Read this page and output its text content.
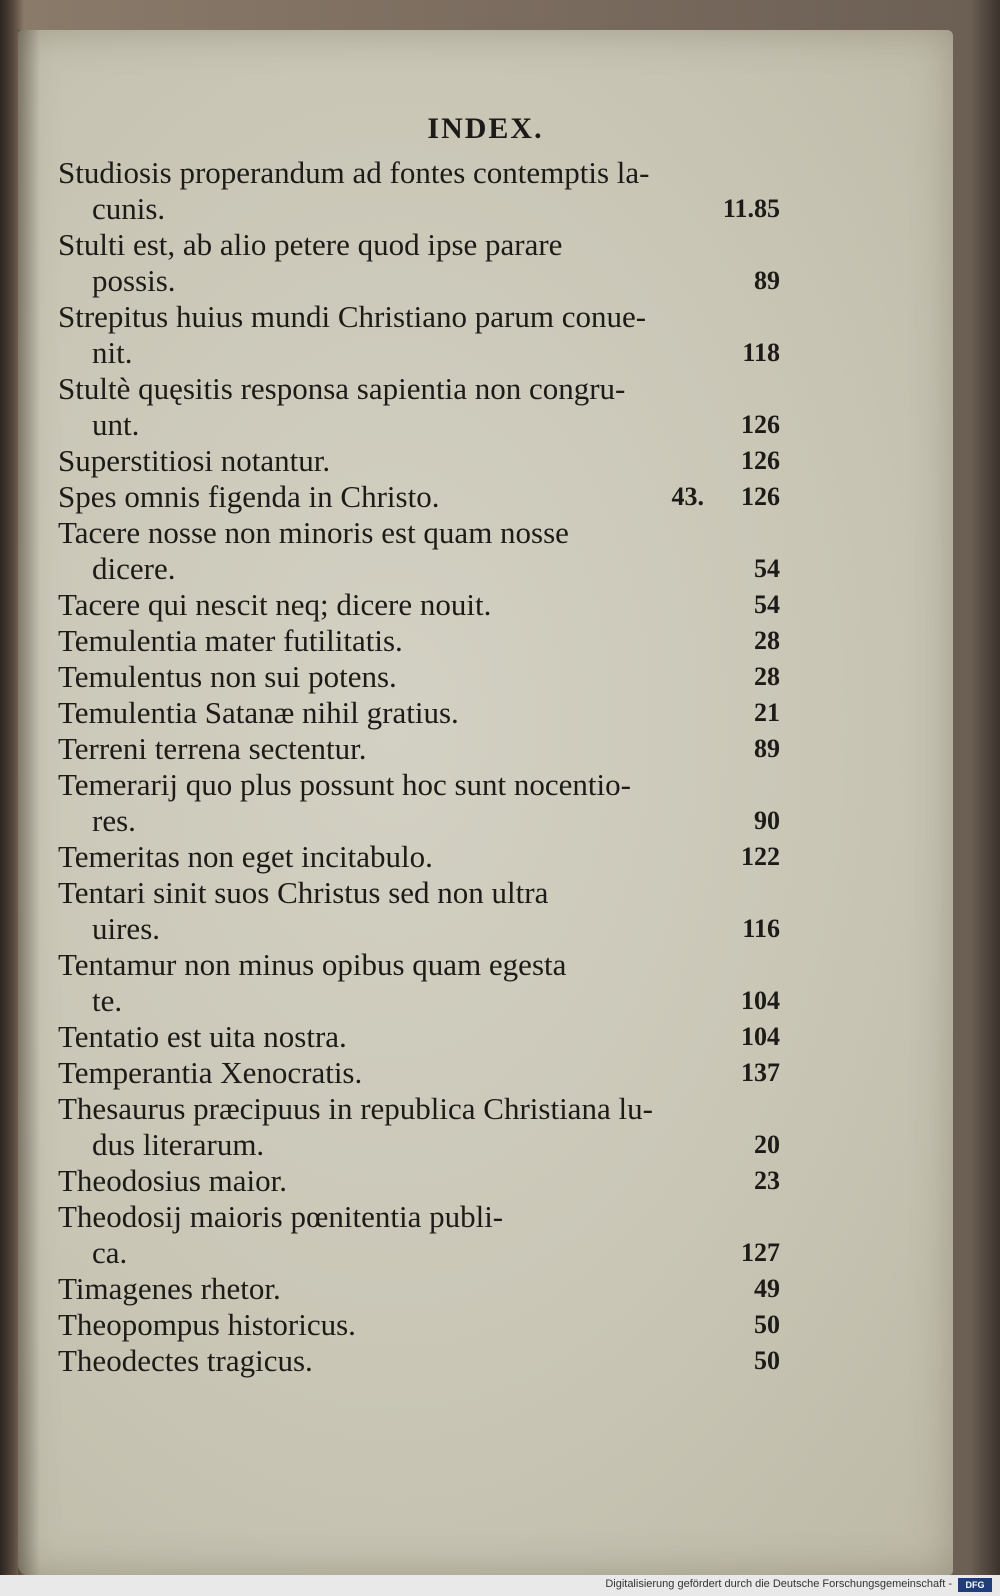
INDEX.
Studiosis properandum ad fontes contemptis la-
cunis.	11.85
Stulti est, ab alio petere quod ipse parare
possis.	89
Strepitus huius mundi Christiano parum conue-
nit.	118
Stultè quęsitis responsa sapientia non congru-
unt.	126
Superstitiosi notantur.	126
Spes omnis figenda in Christo.	43. 126
Tacere nosse non minoris est quam nosse
dicere.	54
Tacere qui nescit neq; dicere nouit.	54
Temulentia mater futilitatis.	28
Temulentus non sui potens.	28
Temulentia Satanæ nihil gratius.	21
Terreni terrena sectentur.	89
Temerarij quo plus possunt hoc sunt nocentio-
res.	90
Temeritas non eget incitabulo.	122
Tentari sinit suos Christus sed non ultra
uires.	116
Tentamur non minus opibus quam egesta
te.	104
Tentatio est uita nostra.	104
Temperantia Xenocratis.	137
Thesaurus præcipuus in republica Christiana lu-
dus literarum.	20
Theodosius maior.	23
Theodosij maioris pœnitentia publi-
ca.	127
Timagenes rhetor.	49
Theopompus historicus.	50
Theodectes tragicus.	50
Digitalisierung gefördert durch die Deutsche Forschungsgemeinschaft -	DFG
